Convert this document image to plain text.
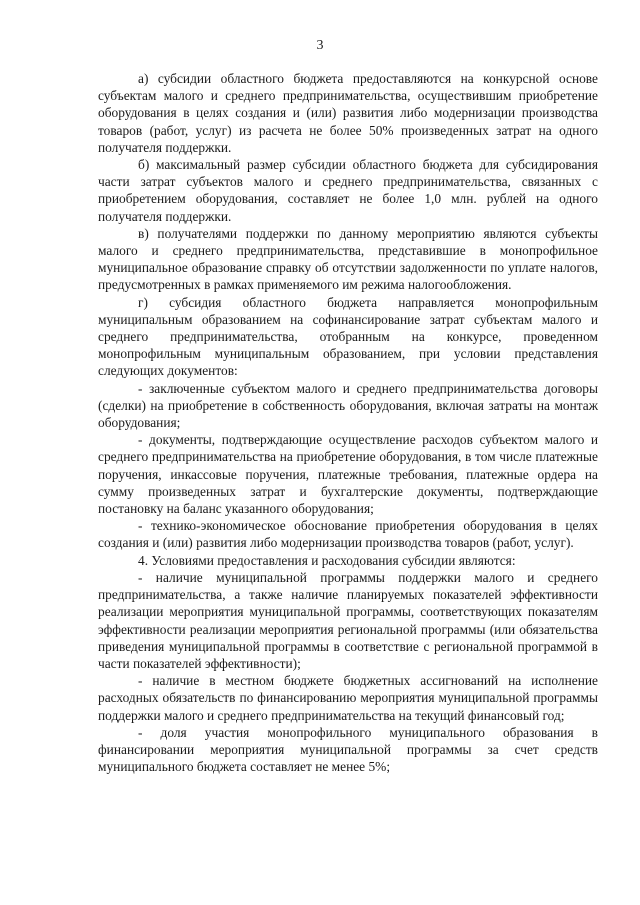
3

а) субсидии областного бюджета предоставляются на конкурсной основе субъектам малого и среднего предпринимательства, осуществившим приобретение оборудования в целях создания и (или) развития либо модернизации производства товаров (работ, услуг) из расчета не более 50% произведенных затрат на одного получателя поддержки.

б) максимальный размер субсидии областного бюджета для субсидирования части затрат субъектов малого и среднего предпринимательства, связанных с приобретением оборудования, составляет не более 1,0 млн. рублей на одного получателя поддержки.

в) получателями поддержки по данному мероприятию являются субъекты малого и среднего предпринимательства, представившие в монопрофильное муниципальное образование справку об отсутствии задолженности по уплате налогов, предусмотренных в рамках применяемого им режима налогообложения.

г) субсидия областного бюджета направляется монопрофильным муниципальным образованием на софинансирование затрат субъектам малого и среднего предпринимательства, отобранным на конкурсе, проведенном монопрофильным муниципальным образованием, при условии представления следующих документов:

- заключенные субъектом малого и среднего предпринимательства договоры (сделки) на приобретение в собственность оборудования, включая затраты на монтаж оборудования;

- документы, подтверждающие осуществление расходов субъектом малого и среднего предпринимательства на приобретение оборудования, в том числе платежные поручения, инкассовые поручения, платежные требования, платежные ордера на сумму произведенных затрат и бухгалтерские документы, подтверждающие постановку на баланс указанного оборудования;

- технико-экономическое обоснование приобретения оборудования в целях создания и (или) развития либо модернизации производства товаров (работ, услуг).

4. Условиями предоставления и расходования субсидии являются:

- наличие муниципальной программы поддержки малого и среднего предпринимательства, а также наличие планируемых показателей эффективности реализации мероприятия муниципальной программы, соответствующих показателям эффективности реализации мероприятия региональной программы (или обязательства приведения муниципальной программы в соответствие с региональной программой в части показателей эффективности);

- наличие в местном бюджете бюджетных ассигнований на исполнение расходных обязательств по финансированию мероприятия муниципальной программы поддержки малого и среднего предпринимательства на текущий финансовый год;

- доля участия монопрофильного муниципального образования в финансировании мероприятия муниципальной программы за счет средств муниципального бюджета составляет не менее 5%;
